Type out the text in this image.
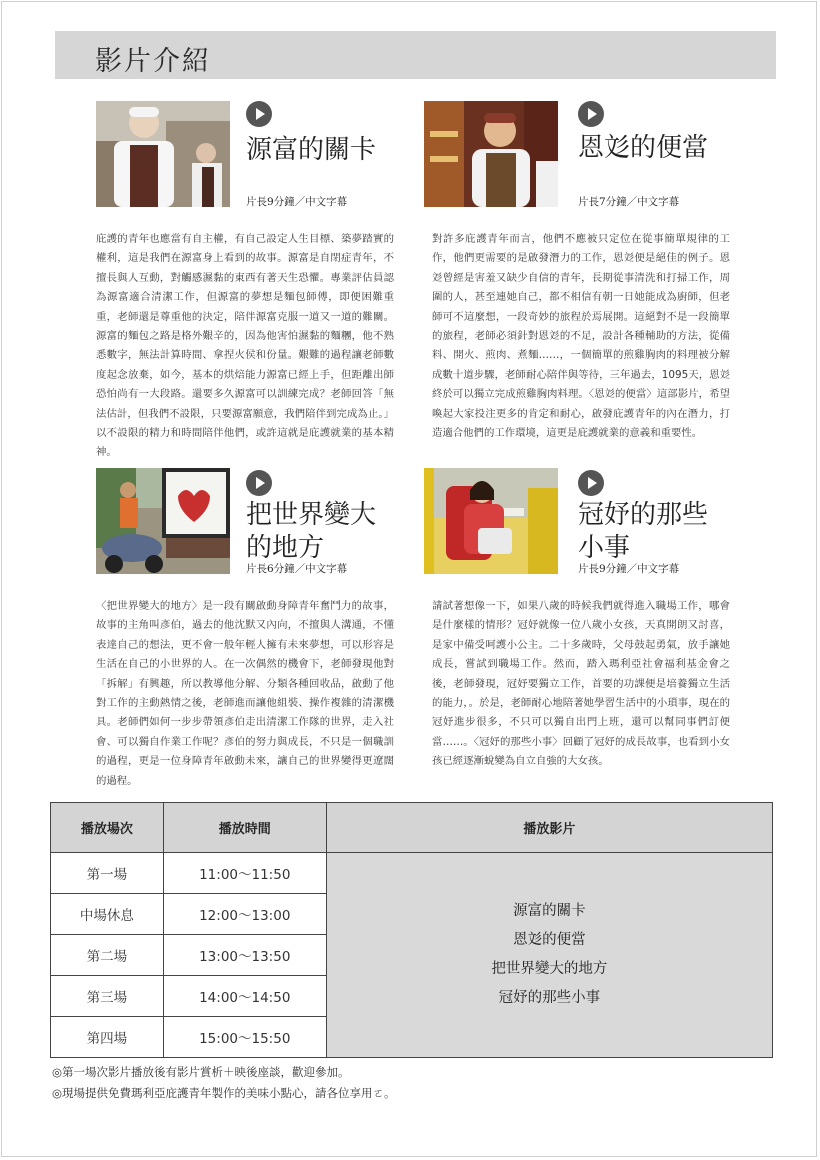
影片介紹
源富的關卡
片長9分鐘／中文字幕
庇護的青年也應當有自主權，有自己設定人生目標、築夢踏實的權利，這是我們在源富身上看到的故事。源富是自閉症青年，不擅長與人互動，對觸感濕黏的東西有著天生恐懼。專業評估員認為源富適合清潔工作，但源富的夢想是麵包師傅，即便困難重重，老師還是尊重他的決定，陪伴源富克服一道又一道的難關。源富的麵包之路是格外艱辛的，因為他害怕濕黏的麵糰，他不熟悉數字，無法計算時間、拿捏火侯和份量。艱難的過程讓老師數度起念放棄，如今，基本的烘焙能力源富已經上手，但距離出師恐怕尚有一大段路。還要多久源富可以訓練完成？老師回答「無法估計，但我們不設限，只要源富願意，我們陪伴到完成為止。」以不設限的精力和時間陪伴他們，或許這就是庇護就業的基本精神。
恩彣的便當
片長7分鐘／中文字幕
對許多庇護青年而言，他們不應被只定位在從事簡單規律的工作，他們更需要的是啟發潛力的工作，恩彣便是絕佳的例子。恩彣曾經是害羞又缺少自信的青年，長期從事清洗和打掃工作，周圍的人，甚至連她自己，都不相信有朝一日她能成為廚師，但老師可不這麼想，一段奇妙的旅程於焉展開。這絕對不是一段簡單的旅程，老師必須針對恩彣的不足，設計各種輔助的方法，從備料、開火、煎肉、煮麵……，一個簡單的煎雞胸肉的料理被分解成數十道步驟，老師耐心陪伴與等待，三年過去，1095天，恩彣終於可以獨立完成煎雞胸肉料理。〈恩彣的便當〉這部影片，希望喚起大家投注更多的肯定和耐心，啟發庇護青年的內在潛力，打造適合他們的工作環境，這更是庇護就業的意義和重要性。
把世界變大的地方
片長6分鐘／中文字幕
〈把世界變大的地方〉是一段有關啟動身障青年奮鬥力的故事，故事的主角叫彥伯，過去的他沈默又內向，不擅與人溝通，不懂表達自己的想法，更不會一般年輕人擁有未來夢想，可以形容是生活在自己的小世界的人。在一次偶然的機會下，老師發現他對「拆解」有興趣，所以教導他分解、分類各種回收品，啟動了他對工作的主動熱情之後，老師進而讓他組裝、操作複雜的清潔機具。老師們如何一步步帶領彥伯走出清潔工作隊的世界，走入社會、可以獨自作業工作呢？彥伯的努力與成長，不只是一個職訓的過程，更是一位身障青年啟動未來，讓自己的世界變得更遼闊的過程。
冠妤的那些小事
片長9分鐘／中文字幕
請試著想像一下，如果八歲的時候我們就得進入職場工作，哪會是什麼樣的情形？冠妤就像一位八歲小女孩，天真開朗又討喜，是家中備受呵護小公主。二十多歲時，父母鼓起勇氣，放手讓她成長，嘗試到職場工作。然而，踏入瑪利亞社會福利基金會之後，老師發現，冠妤要獨立工作，首要的功課便是培養獨立生活的能力，。於是，老師耐心地陪著她學習生活中的小瑣事，現在的冠妤進步很多，不只可以獨自出門上班，還可以幫同事們訂便當……。〈冠妤的那些小事〉回顧了冠妤的成長故事，也看到小女孩已經逐漸蛻變為自立自強的大女孩。
播放場次	播放時間	播放影片
第一場	11:00～11:50	源富的關卡
恩彣的便當
把世界變大的地方
冠妤的那些小事

中場休息	12:00～13:00	
第二場	13:00～13:50	
第三場	14:00～14:50	
第四場	15:00～15:50	
◎第一場次影片播放後有影片賞析＋映後座談，歡迎參加。
◎現場提供免費瑪利亞庇護青年製作的美味小點心，請各位享用ㄛ。
